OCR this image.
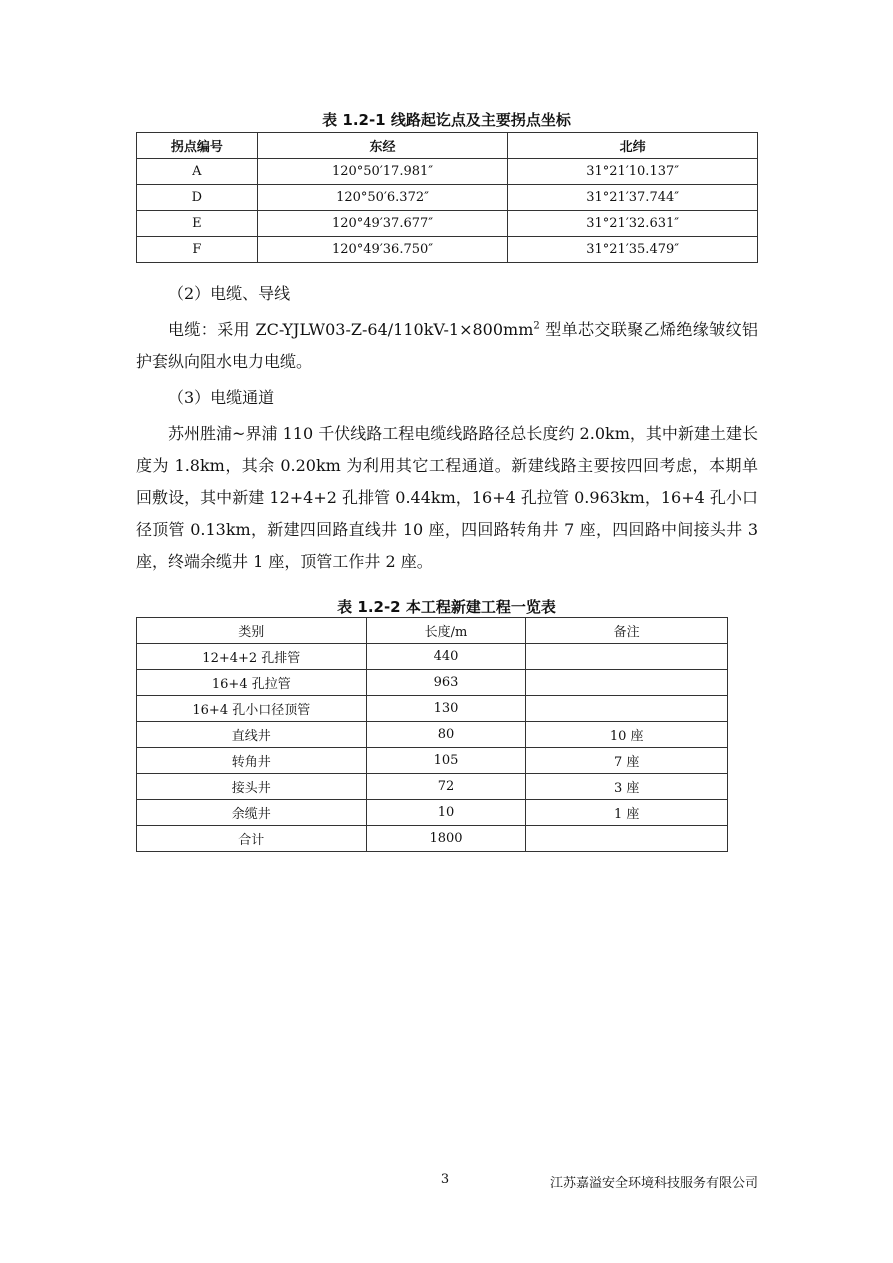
表 1.2-1 线路起讫点及主要拐点坐标
拐点编号	东经	北纬
A	120°50′17.981″	31°21′10.137″
D	120°50′6.372″	31°21′37.744″
E	120°49′37.677″	31°21′32.631″
F	120°49′36.750″	31°21′35.479″
（2）电缆、导线
电缆：采用 $ZC-YJLW03-Z-64/110kV-1\times 800mm^2$ 型单芯交联聚乙烯绝缘皱纹铝护套纵向阻水电力电缆。
（3）电缆通道
苏州胜浦~界浦 110 千伏线路工程电缆线路路径总长度约 2.0km，其中新建土建长度为 1.8km，其余 0.20km 为利用其它工程通道。新建线路主要按四回考虑，本期单回敷设，其中新建 12+4+2 孔排管 0.44km，16+4 孔拉管 0.963km，16+4 孔小口径顶管 0.13km，新建四回路直线井 10 座，四回路转角井 7 座，四回路中间接头井 3 座，终端余缆井 1 座，顶管工作井 2 座。
表 1.2-2 本工程新建工程一览表
类别	长度/m	备注
12+4+2 孔排管	440	
16+4 孔拉管	963	
16+4 孔小口径顶管	130	
直线井	80	10 座
转角井	105	7 座
接头井	72	3 座
余缆井	10	1 座
合计	1800	
3	江苏嘉溢安全环境科技服务有限公司
